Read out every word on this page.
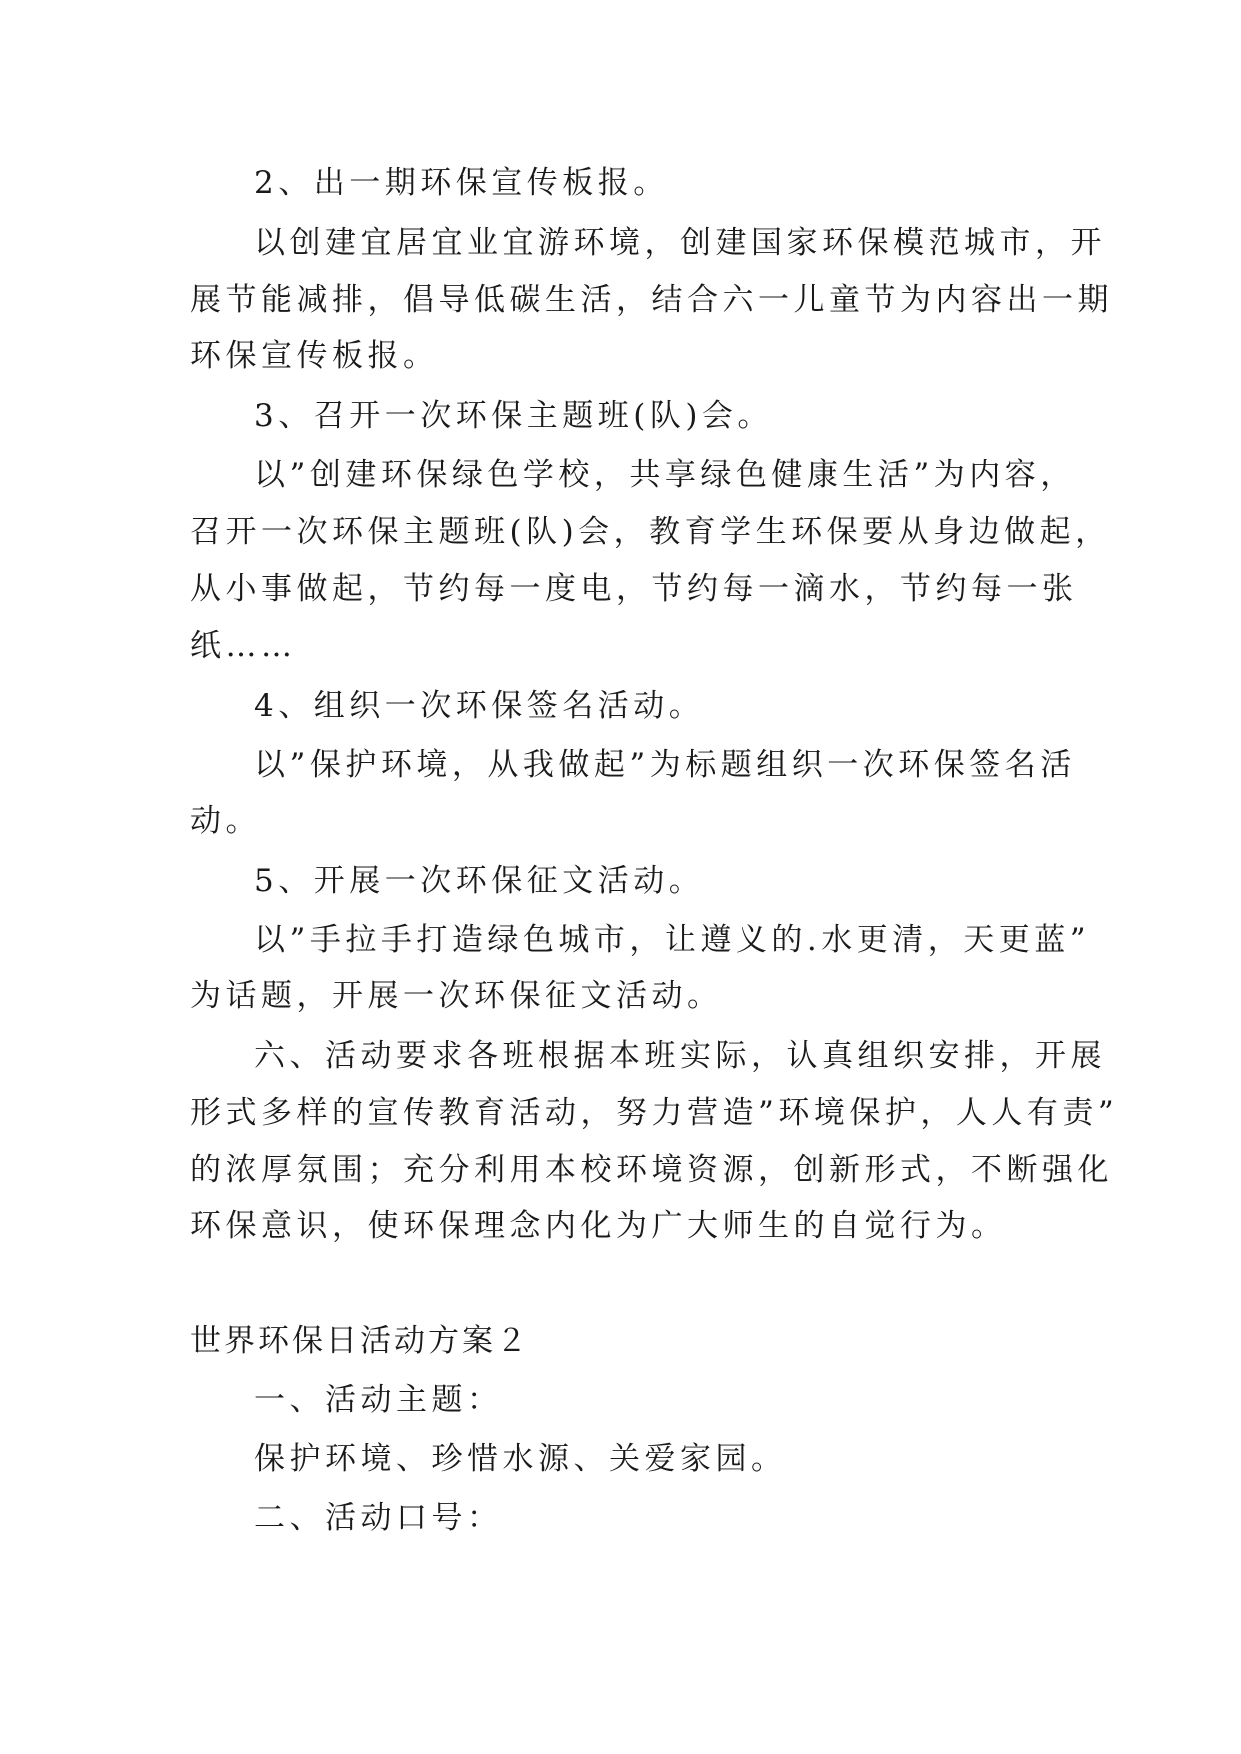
2、出一期环保宣传板报。
以创建宜居宜业宜游环境，创建国家环保模范城市，开
展节能减排，倡导低碳生活，结合六一儿童节为内容出一期
环保宣传板报。
3、召开一次环保主题班(队)会。
以”创建环保绿色学校，共享绿色健康生活”为内容，
召开一次环保主题班(队)会，教育学生环保要从身边做起，
从小事做起，节约每一度电，节约每一滴水，节约每一张
纸……
4、组织一次环保签名活动。
以”保护环境，从我做起”为标题组织一次环保签名活
动。
5、开展一次环保征文活动。
以”手拉手打造绿色城市，让遵义的.水更清，天更蓝”
为话题，开展一次环保征文活动。
六、活动要求各班根据本班实际，认真组织安排，开展
形式多样的宣传教育活动，努力营造”环境保护，人人有责”
的浓厚氛围；充分利用本校环境资源，创新形式，不断强化
环保意识，使环保理念内化为广大师生的自觉行为。
世界环保日活动方案２
一、活动主题：
保护环境、珍惜水源、关爱家园。
二、活动口号：
